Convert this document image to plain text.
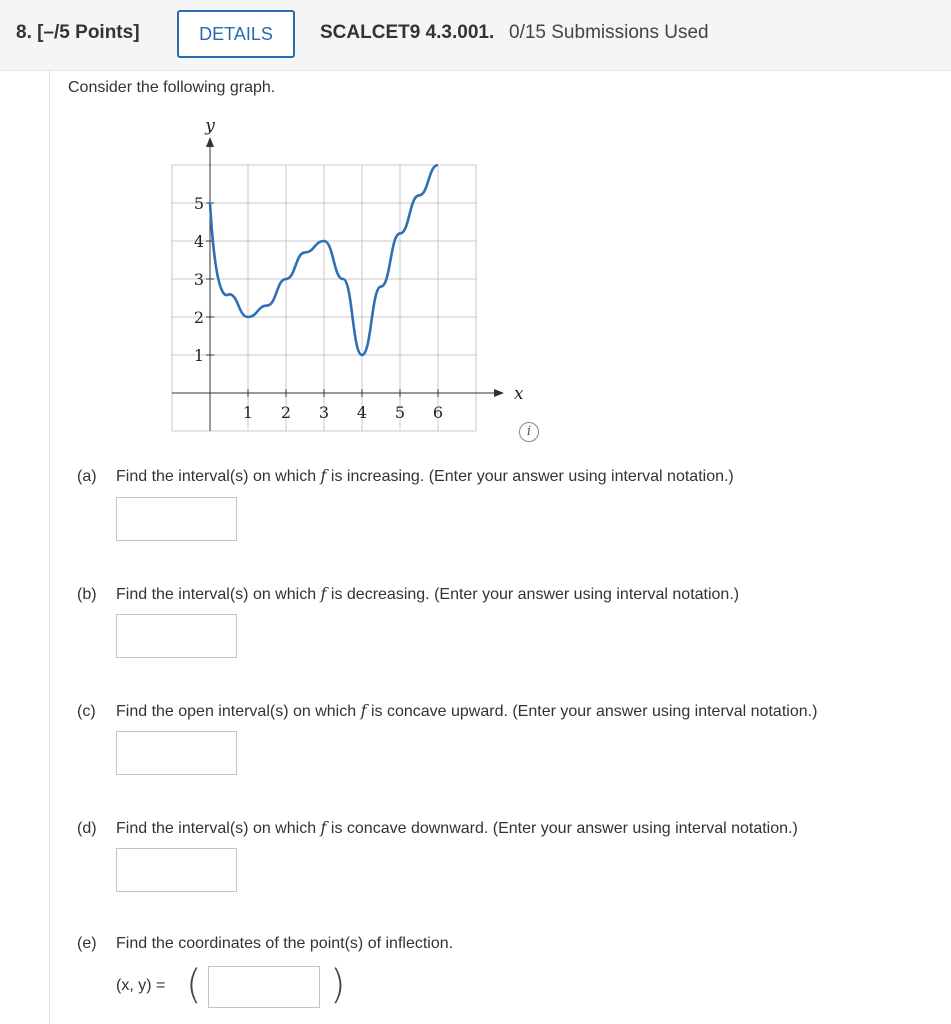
8. [–/5 Points]	DETAILS	SCALCET9 4.3.001. 0/15 Submissions Used
Consider the following graph.
1 2 3 4 5 6
1
2
3
4
5
x
y
i
(a) Find the interval(s) on which f is increasing. (Enter your answer using interval notation.)
(b) Find the interval(s) on which f is decreasing. (Enter your answer using interval notation.)
(c) Find the open interval(s) on which f is concave upward. (Enter your answer using interval notation.)
(d) Find the interval(s) on which f is concave downward. (Enter your answer using interval notation.)
(e) Find the coordinates of the point(s) of inflection.
(x, y) = (	)
